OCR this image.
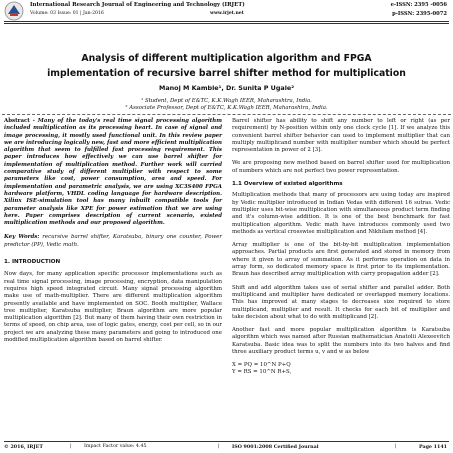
International Research Journal of Engineering and Technology (IRJET)	e-ISSN: 2395 -0056
Volume: 03 Issue: 01 | Jan-2016	www.irjet.net	p-ISSN: 2395-0072
Analysis of different multiplication algorithm and FPGA
implementation of recursive barrel shifter method for multiplication
Manoj M Kamble¹, Dr. Sunita P Ugale²
¹ Student, Dept of E&TC, K.K.Wagh IEER, Maharashtra, India.
² Associate Professor, Dept of E&TC, K.K.Wagh IEER, Maharashtra, India.

Abstract - Many of the today's real time signal processing algorithm included multiplication as its processing heart. In case of signal and image processing, it mostly used functional unit. In this review paper we are introducing logically new, fast and more efficient multiplication algorithm that seem to fulfilled fast processing requirement. This paper introduces how effectively we can use barrel shifter for implementation of multiplication method. Further work will carried comparative study of different multiplier with respect to some parameters like cost, power consumption, area and speed. For implementation and parametric analysis, we are using XC3S400 FPGA hardware platform, VHDL coding language for hardware description. Xilinx ISE-simulation tool has many inbuilt compatible tools for parameter analysis like XPE for power estimation that we are using here. Paper comprises description of current scenario, existed multiplication methods and our proposed algorithm.

Key Words: recursive barrel shifter, Karatsuba, binary one counter, Power predictor (PP), Vedic math.

1. INTRODUCTION

Now days, for many application specific processor implementations such as real time signal processing, image processing, encryption, data manipulation requires high speed integrated circuit. Many signal processing algorithm make use of math-multiplier. There are different multiplication algorithm presently available and have implemented on SOC. Booth multiplier, Wallace tree multiplier, Karatsuba multiplier, Braun algorithm are more popular multiplication algorithm [2]. But many of them having their own restriction in terms of speed, on chip area, use of logic gates, energy, cost per cell, so in our project we are analyzing these many parameters and going to introduced one modified multiplication algorithm based on barrel shifter.

Barrel shifter has ability to shift any number to left or right (as per requirement) by N-position within only one clock cycle [1]. If we analyze this convenient barrel shifter behavior can used to implement multiplier that can multiply multiplicand number with multiplier number which should be perfect representation in power of 2 [3].

We are proposing new method based on barrel shifter used for multiplication of numbers which are not perfect two power representation.

1.1 Overview of existed algorithms

Multiplication methods that many of processors are using today are inspired by Vedic multiplier introduced in Indian Vedas with different 16 sutras. Vedic multiplier uses bit-wise multiplication with simultaneous product term finding and it's column-wise addition. It is one of the best benchmark for fast multiplication algorithm. Vedic math have introduces commonly used two methods as vertical crosswise multiplication and Nikhilam method [4].

Array multiplier is one of the bit-by-bit multiplication implementation approaches. Partial products are first generated and stored in memory from where it given to array of summation. As it performs operation on data in array form, so dedicated memory space is first prior to its implementation. Braun has described array multiplication with carry propagation adder [2].

Shift and add algorithm takes use of serial shifter and parallel adder. Both multiplicand and multiplier have dedicated or overlapped memory locations. This has improved at many stages to decreases size required to store multiplicand, multiplier and result. It checks for each bit of multiplier and take decision about what to do with multiplicand [2].

Another fast and more popular multiplication algorithm is Karatsuba algorithm which was named after Russian mathematician Anatolii Alexeevitch Karatsuba. Basic idea was to split the numbers into its two halves and find three auxiliary product terms u, v and w as below

X = PQ = 10^N P+Q

Y = RS = 10^N R+S,

© 2016, IRJET	|	Impact Factor value: 4.45	|	ISO 9001:2008 Certified Journal	|	Page 1141
